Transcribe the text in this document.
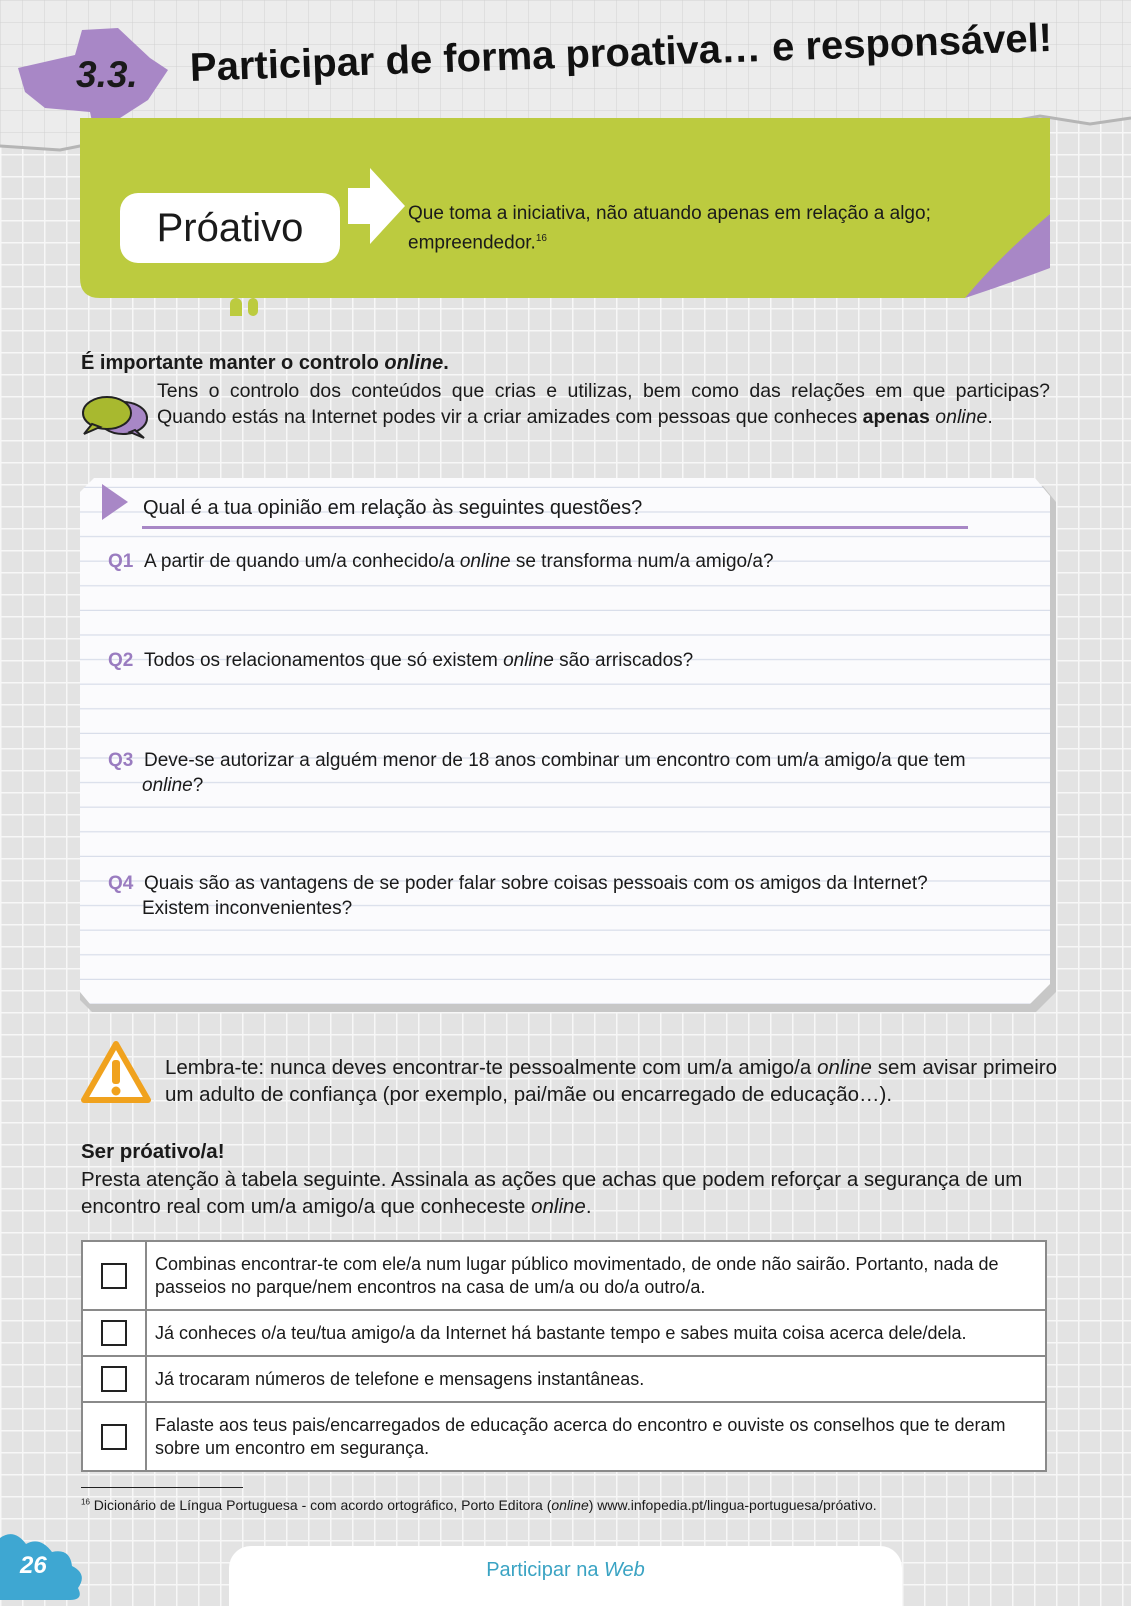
3.3. Participar de forma proativa… e responsável!
Próativo	Que toma a iniciativa, não atuando apenas em relação a algo; empreendedor.$^{16}$

É importante manter o controlo online.

Tens o controlo dos conteúdos que crias e utilizas, bem como das relações em que participas? Quando estás na Internet podes vir a criar amizades com pessoas que conheces apenas online.

Qual é a tua opinião em relação às seguintes questões?

Q1 A partir de quando um/a conhecido/a online se transforma num/a amigo/a?
Q2 Todos os relacionamentos que só existem online são arriscados?
Q3 Deve-se autorizar a alguém menor de 18 anos combinar um encontro com um/a amigo/a que tem
online?
Q4 Quais são as vantagens de se poder falar sobre coisas pessoais com os amigos da Internet?
Existem inconvenientes?

Lembra-te: nunca deves encontrar-te pessoalmente com um/a amigo/a online sem avisar primeiro um adulto de confiança (por exemplo, pai/mãe ou encarregado de educação…).

Ser próativo/a!

Presta atenção à tabela seguinte. Assinala as ações que achas que podem reforçar a segurança de um encontro real com um/a amigo/a que conheceste online.

	Combinas encontrar-te com ele/a num lugar público movimentado, de onde não sairão. Portanto, nada de passeios no parque/nem encontros na casa de um/a ou do/a outro/a.
	Já conheces o/a teu/tua amigo/a da Internet há bastante tempo e sabes muita coisa acerca dele/dela.
	Já trocaram números de telefone e mensagens instantâneas.
	Falaste aos teus pais/encarregados de educação acerca do encontro e ouviste os conselhos que te deram sobre um encontro em segurança.

$^{16}$ Dicionário de Língua Portuguesa - com acordo ortográfico, Porto Editora (online) www.infopedia.pt/lingua-portuguesa/próativo.

26	Participar na Web
